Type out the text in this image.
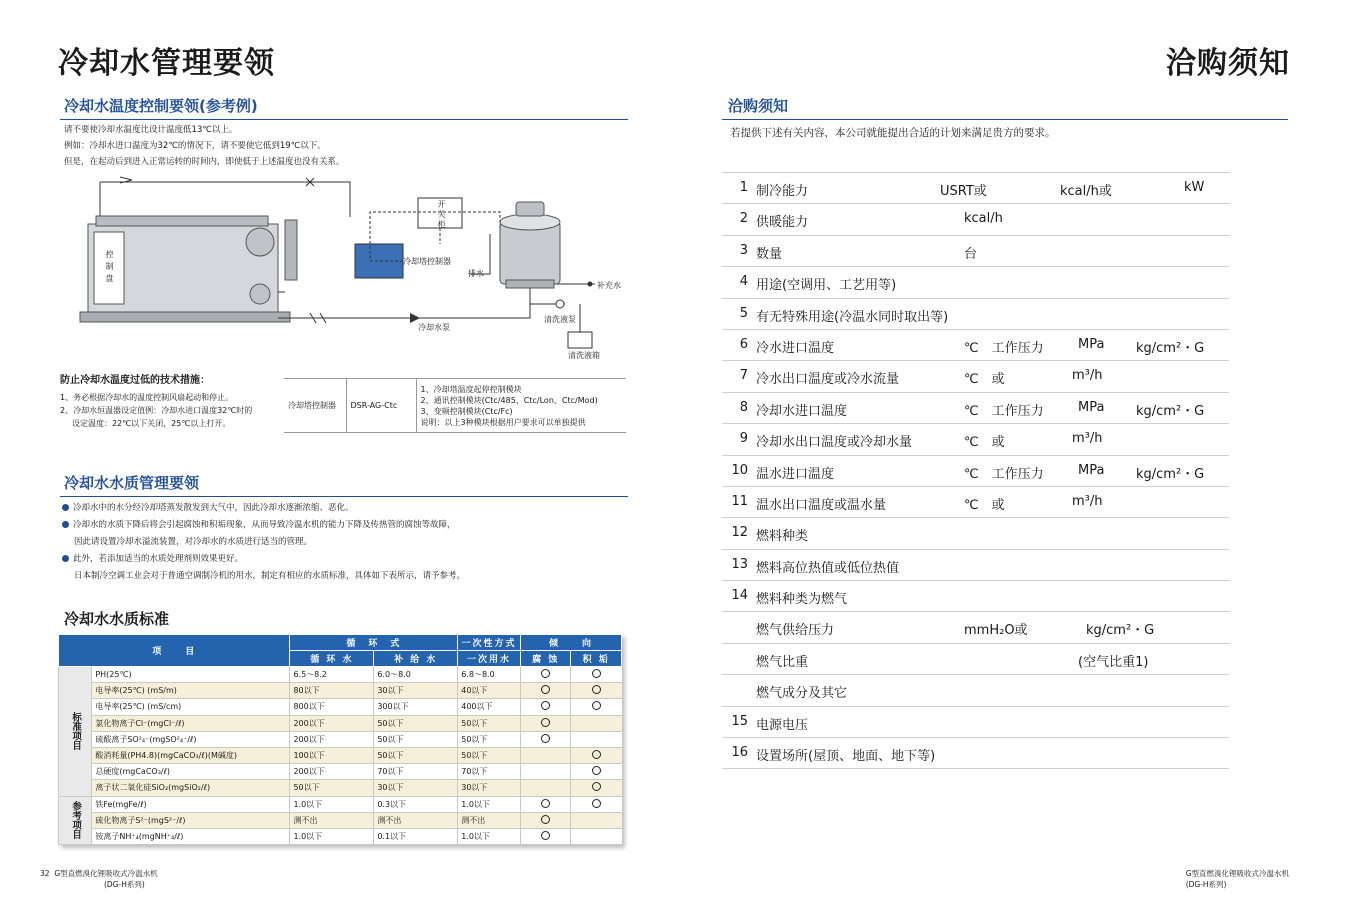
冷却水管理要领
冷却水温度控制要领(参考例)
请不要使冷却水温度比设计温度低13℃以上。
例如：冷却水进口温度为32℃的情况下，请不要使它低到19℃以下。
但是，在起动后到进入正常运转的时间内，即使低于上述温度也没有关系。
控制盘
开关柜
冷却塔控制器
排水
补充水
冷却水泵
清洗液泵
清洗液箱
防止冷却水温度过低的技术措施：
1、务必根据冷却水的温度控制风扇起动和停止。
2、冷却水恒温器设定值例：冷却水进口温度32℃时的
设定温度：22℃以下关闭，25℃以上打开。
冷却塔控制器	DSR-AG-Ctc	
1、冷却塔温度起停控制模块
2、通讯控制模块(Ctc/485、Ctc/Lon、Ctc/Mod)
3、变频控制模块(Ctc/Fc)
说明：以上3种模块根据用户要求可以单独提供
冷却水水质管理要领
冷却水中的水分经冷却塔蒸发散发到大气中，因此冷却水逐渐浓缩、恶化。
冷却水的水质下降后将会引起腐蚀和积垢现象，从而导致冷温水机的能力下降及传热管的腐蚀等故障，
因此请设置冷却水溢流装置，对冷却水的水质进行适当的管理。
此外，若添加适当的水质处理剂则效果更好。
日本制冷空调工业会对于普通空调制冷机的用水，制定有相应的水质标准，具体如下表所示，请予参考。
冷却水水质标准
项　　目		循　环　式		一次性方式	倾　　向	
		循 环 水	补 给 水	一次用水	腐 蚀	积 垢
标准项目	PH(25℃)	6.5～8.2	6.0～8.0	6.8～8.0		
	电导率(25℃) (mS/m)	80以下	30以下	40以下		
	电导率(25℃) (mS/cm)	800以下	300以下	400以下		
	氯化物离子Cl⁻(mgCl⁻/ℓ)	200以下	50以下	50以下		
	硫酸离子SO²₄⁻(mgSO²₄⁻/ℓ)	200以下	50以下	50以下		
	酸消耗量(PH4.8)(mgCaCO₃/ℓ)(M碱度)	100以下	50以下	50以下		
	总硬度(mgCaCO₃/ℓ)	200以下	70以下	70以下		
	离子状二氧化硅SiO₂(mgSiO₂/ℓ)	50以下	30以下	30以下		
参考项目	铁Fe(mgFe/ℓ)	1.0以下	0.3以下	1.0以下		
	硫化物离子S²⁻(mgS²⁻/ℓ)	测不出	测不出	测不出		
	铵离子NH⁺₄(mgNH⁺₄/ℓ)	1.0以下	0.1以下	1.0以下		
32 G型直燃溴化锂吸收式冷温水机
(DG-H系列)
洽购须知
洽购须知
若提供下述有关内容，本公司就能提出合适的计划来满足贵方的要求。
1 制冷能力	USRT或	kcal/h或	kW
2 供暖能力	kcal/h
3 数量	台
4 用途(空调用、工艺用等)
5 有无特殊用途(冷温水同时取出等)
6 冷水进口温度	℃　工作压力	MPa kg/cm²・G
7 冷水出口温度或冷水流量	℃　或	m³/h
8 冷却水进口温度	℃　工作压力	MPa kg/cm²・G
9 冷却水出口温度或冷却水量	℃　或	m³/h
10 温水进口温度	℃　工作压力	MPa kg/cm²・G
11 温水出口温度或温水量	℃　或	m³/h
12 燃料种类
13 燃料高位热值或低位热值
14 燃料种类为燃气
燃气供给压力	mmH₂O或	kg/cm²・G
燃气比重	(空气比重1)
燃气成分及其它
15 电源电压
16 设置场所(屋顶、地面、地下等)
G型直燃溴化锂吸收式冷温水机
(DG-H系列)
